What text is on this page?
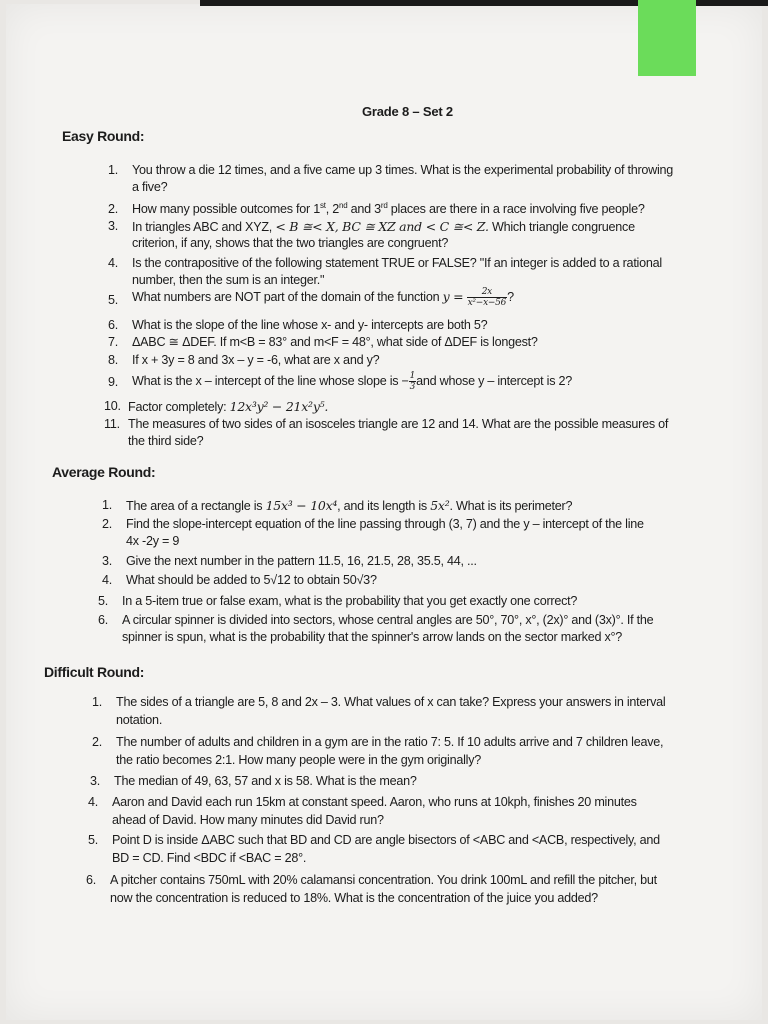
Grade 8 – Set 2
Easy Round:
1. You throw a die 12 times, and a five came up 3 times. What is the experimental probability of throwing
a five?
2. How many possible outcomes for 1st, 2nd and 3rd places are there in a race involving five people?
3. In triangles ABC and XYZ, < B ≅< X, BC ≅ XZ and < C ≅< Z. Which triangle congruence
criterion, if any, shows that the two triangles are congruent?
4. Is the contrapositive of the following statement TRUE or FALSE? "If an integer is added to a rational
number, then the sum is an integer."
5. What numbers are NOT part of the domain of the function $y = \frac{2x}{\text{x²−x−56}}$ ?
6. What is the slope of the line whose x- and y- intercepts are both 5?
7. ΔABC ≅ ΔDEF. If m<B = 83° and m<F = 48°, what side of ΔDEF is longest?
8. If x + 3y = 8 and 3x – y = -6, what are x and y?
9. What is the x – intercept of the line whose slope is − $\frac{1}{3}$ and whose y – intercept is 2?
10. Factor completely: 12x³y² − 21x²y⁵.
11. The measures of two sides of an isosceles triangle are 12 and 14. What are the possible measures of
the third side?
Average Round:
1. The area of a rectangle is 15x³ − 10x⁴, and its length is 5x². What is its perimeter?
2. Find the slope-intercept equation of the line passing through (3, 7) and the y – intercept of the line
4x -2y = 9
3. Give the next number in the pattern 11.5, 16, 21.5, 28, 35.5, 44, ...
4. What should be added to 5√12 to obtain 50√3?
5. In a 5-item true or false exam, what is the probability that you get exactly one correct?
6. A circular spinner is divided into sectors, whose central angles are 50°, 70°, x°, (2x)° and (3x)°. If the
spinner is spun, what is the probability that the spinner's arrow lands on the sector marked x°?
Difficult Round:
1. The sides of a triangle are 5, 8 and 2x – 3. What values of x can take? Express your answers in interval
notation.
2. The number of adults and children in a gym are in the ratio 7: 5. If 10 adults arrive and 7 children leave,
the ratio becomes 2:1. How many people were in the gym originally?
3. The median of 49, 63, 57 and x is 58. What is the mean?
4. Aaron and David each run 15km at constant speed. Aaron, who runs at 10kph, finishes 20 minutes
ahead of David. How many minutes did David run?
5. Point D is inside ΔABC such that BD and CD are angle bisectors of <ABC and <ACB, respectively, and
BD = CD. Find <BDC if <BAC = 28°.
6. A pitcher contains 750mL with 20% calamansi concentration. You drink 100mL and refill the pitcher, but
now the concentration is reduced to 18%. What is the concentration of the juice you added?
